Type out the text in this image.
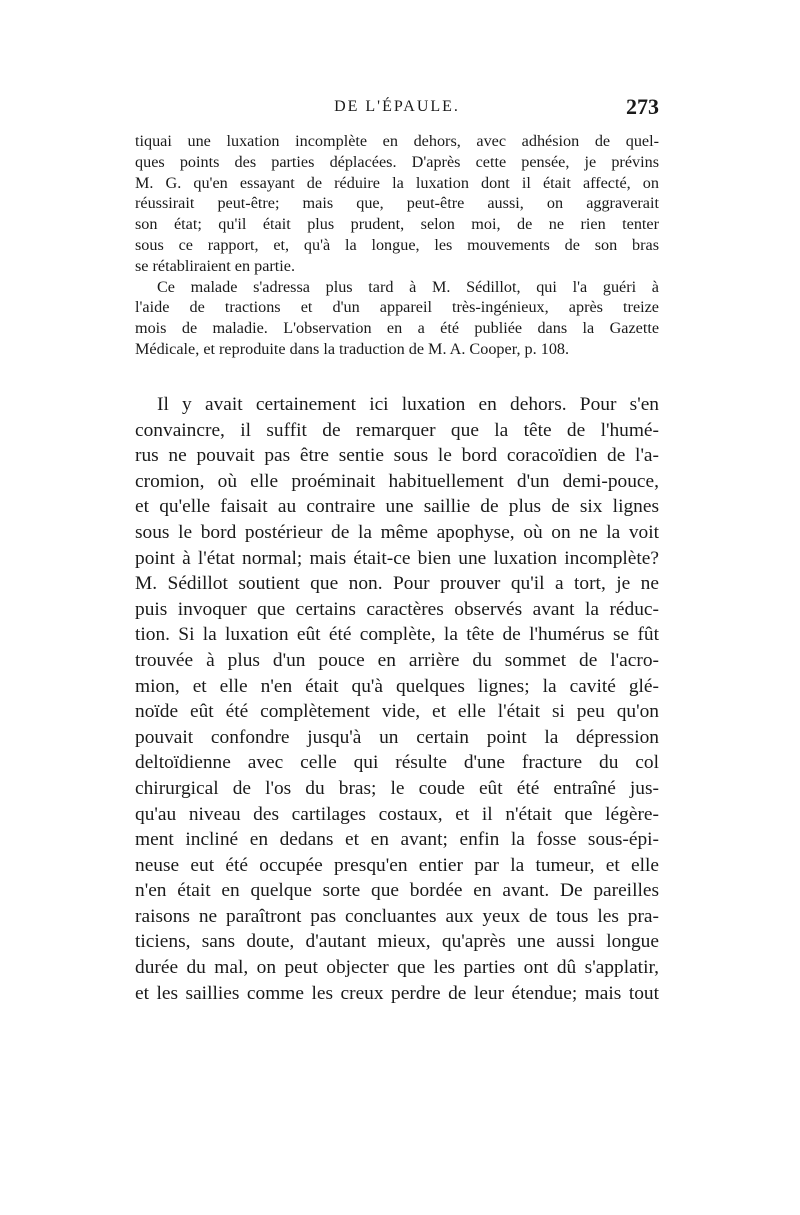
DE L'ÉPAULE.	273
tiquai une luxation incomplète en dehors, avec adhésion de quel-
ques points des parties déplacées. D'après cette pensée, je prévins
M. G. qu'en essayant de réduire la luxation dont il était affecté, on
réussirait peut-être; mais que, peut-être aussi, on aggraverait
son état; qu'il était plus prudent, selon moi, de ne rien tenter
sous ce rapport, et, qu'à la longue, les mouvements de son bras
se rétabliraient en partie.
Ce malade s'adressa plus tard à M. Sédillot, qui l'a guéri à
l'aide de tractions et d'un appareil très-ingénieux, après treize
mois de maladie. L'observation en a été publiée dans la Gazette
Médicale, et reproduite dans la traduction de M. A. Cooper, p. 108.
Il y avait certainement ici luxation en dehors. Pour s'en
convaincre, il suffit de remarquer que la tête de l'humé-
rus ne pouvait pas être sentie sous le bord coracoïdien de l'a-
cromion, où elle proéminait habituellement d'un demi-pouce,
et qu'elle faisait au contraire une saillie de plus de six lignes
sous le bord postérieur de la même apophyse, où on ne la voit
point à l'état normal; mais était-ce bien une luxation incomplète?
M. Sédillot soutient que non. Pour prouver qu'il a tort, je ne
puis invoquer que certains caractères observés avant la réduc-
tion. Si la luxation eût été complète, la tête de l'humérus se fût
trouvée à plus d'un pouce en arrière du sommet de l'acro-
mion, et elle n'en était qu'à quelques lignes; la cavité glé-
noïde eût été complètement vide, et elle l'était si peu qu'on
pouvait confondre jusqu'à un certain point la dépression
deltoïdienne avec celle qui résulte d'une fracture du col
chirurgical de l'os du bras; le coude eût été entraîné jus-
qu'au niveau des cartilages costaux, et il n'était que légère-
ment incliné en dedans et en avant; enfin la fosse sous-épi-
neuse eut été occupée presqu'en entier par la tumeur, et elle
n'en était en quelque sorte que bordée en avant. De pareilles
raisons ne paraîtront pas concluantes aux yeux de tous les pra-
ticiens, sans doute, d'autant mieux, qu'après une aussi longue
durée du mal, on peut objecter que les parties ont dû s'applatir,
et les saillies comme les creux perdre de leur étendue; mais tout
